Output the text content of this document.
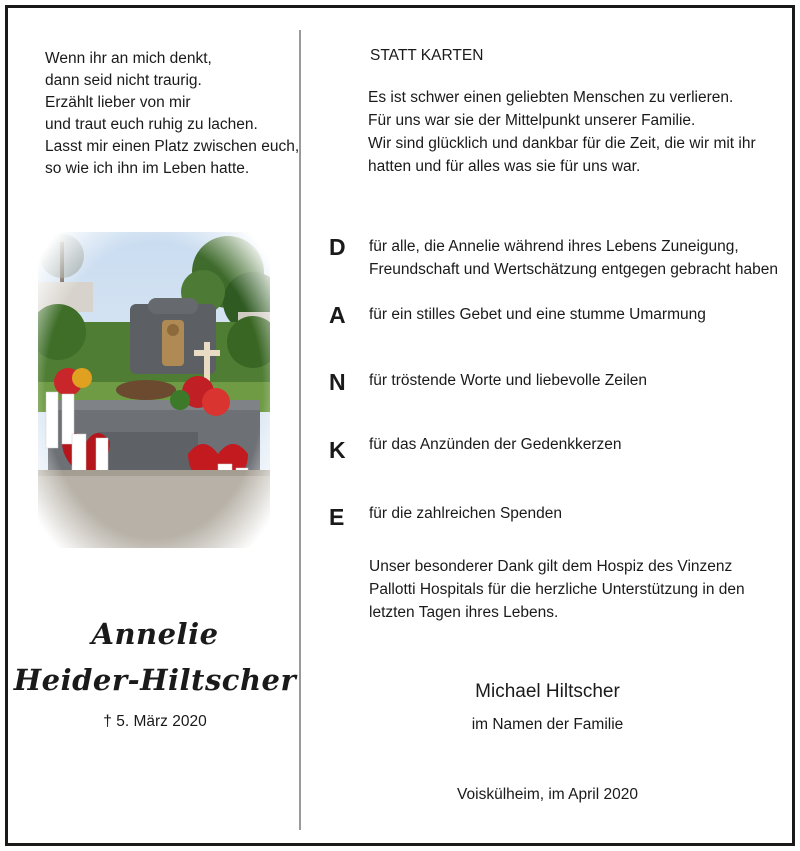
Wenn ihr an mich denkt,
dann seid nicht traurig.
Erzählt lieber von mir
und traut euch ruhig zu lachen.
Lasst mir einen Platz zwischen euch,
so wie ich ihn im Leben hatte.
Annelie
Heider-Hiltscher
† 5. März 2020
STATT KARTEN
Es ist schwer einen geliebten Menschen zu verlieren.
Für uns war sie der Mittelpunkt unserer Familie.
Wir sind glücklich und dankbar für die Zeit, die wir mit ihr
hatten und für alles was sie für uns war.
D für alle, die Annelie während ihres Lebens Zuneigung,
Freundschaft und Wertschätzung entgegen gebracht haben
A für ein stilles Gebet und eine stumme Umarmung
N für tröstende Worte und liebevolle Zeilen
K für das Anzünden der Gedenkkerzen
E für die zahlreichen Spenden
Unser besonderer Dank gilt dem Hospiz des Vinzenz
Pallotti Hospitals für die herzliche Unterstützung in den
letzten Tagen ihres Lebens.
Michael Hiltscher
im Namen der Familie
Voiskülheim, im April 2020
